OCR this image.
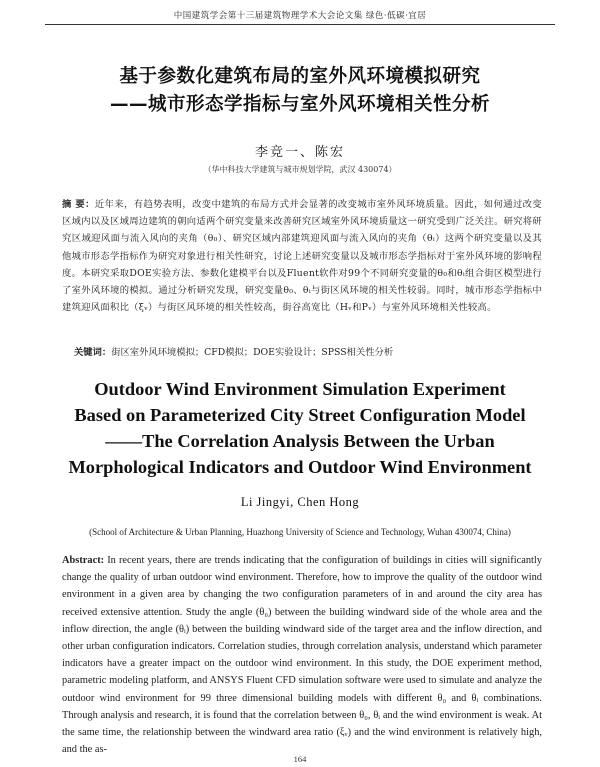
中国建筑学会第十三届建筑物理学术大会论文集 绿色·低碳·宜居
基于参数化建筑布局的室外风环境模拟研究
——城市形态学指标与室外风环境相关性分析
李竞一、陈宏
（华中科技大学建筑与城市规划学院，武汉 430074）

摘 要：近年来，有趋势表明，改变中建筑的布局方式并会显著的改变城市室外风环境质量。因此，如何通过改变区域内以及区域周边建筑的朝向适两个研究变量来改善研究区域室外风环境质量这一研究受到广泛关注。研究将研究区域迎风面与流入风向的夹角（θ₀）、研究区域内部建筑迎风面与流入风向的夹角（θᵢ）这两个研究变量以及其他城市形态学指标作为研究对象进行相关性研究，讨论上述研究变量以及城市形态学指标对于室外风环境的影响程度。本研究采取DOE实验方法、参数化建模平台以及Fluent软件对99个不同研究变量的θ₀和θᵢ组合街区模型进行了室外风环境的模拟。通过分析研究发现，研究变量θ₀、θᵢ与街区风环境的相关性较弱。同时，城市形态学指标中建筑迎风面积比（ξᵥ）与街区风环境的相关性较高，街谷高宽比（Hᵥ和Pᵥ）与室外风环境相关性较高。

关键词：街区室外风环境模拟；CFD模拟；DOE实验设计；SPSS相关性分析

Outdoor Wind Environment Simulation Experiment
Based on Parameterized City Street Configuration Model
——The Correlation Analysis Between the Urban
Morphological Indicators and Outdoor Wind Environment
Li Jingyi, Chen Hong
(School of Architecture & Urban Planning, Huazhong University of Science and Technology, Wuhan 430074, China)

Abstract: In recent years, there are trends indicating that the configuration of buildings in cities will significantly change the quality of urban outdoor wind environment. Therefore, how to improve the quality of the outdoor wind environment in a given area by changing the two configuration parameters of in and around the city area has received extensive attention. Study the angle (θ₀) between the building windward side of the whole area and the inflow direction, the angle (θᵢ) between the building windward side of the target area and the inflow direction, and other urban configuration indicators. Correlation studies, through correlation analysis, understand which parameter indicators have a greater impact on the outdoor wind environment. In this study, the DOE experiment method, parametric modeling platform, and ANSYS Fluent CFD simulation software were used to simulate and analyze the outdoor wind environment for 99 three dimensional building models with different θ₀ and θᵢ combinations. Through analysis and research, it is found that the correlation between θ₀, θᵢ and the wind environment is weak. At the same time, the relationship between the windward area ratio (ξᵥ) and the wind environment is relatively high, and the as-

164
